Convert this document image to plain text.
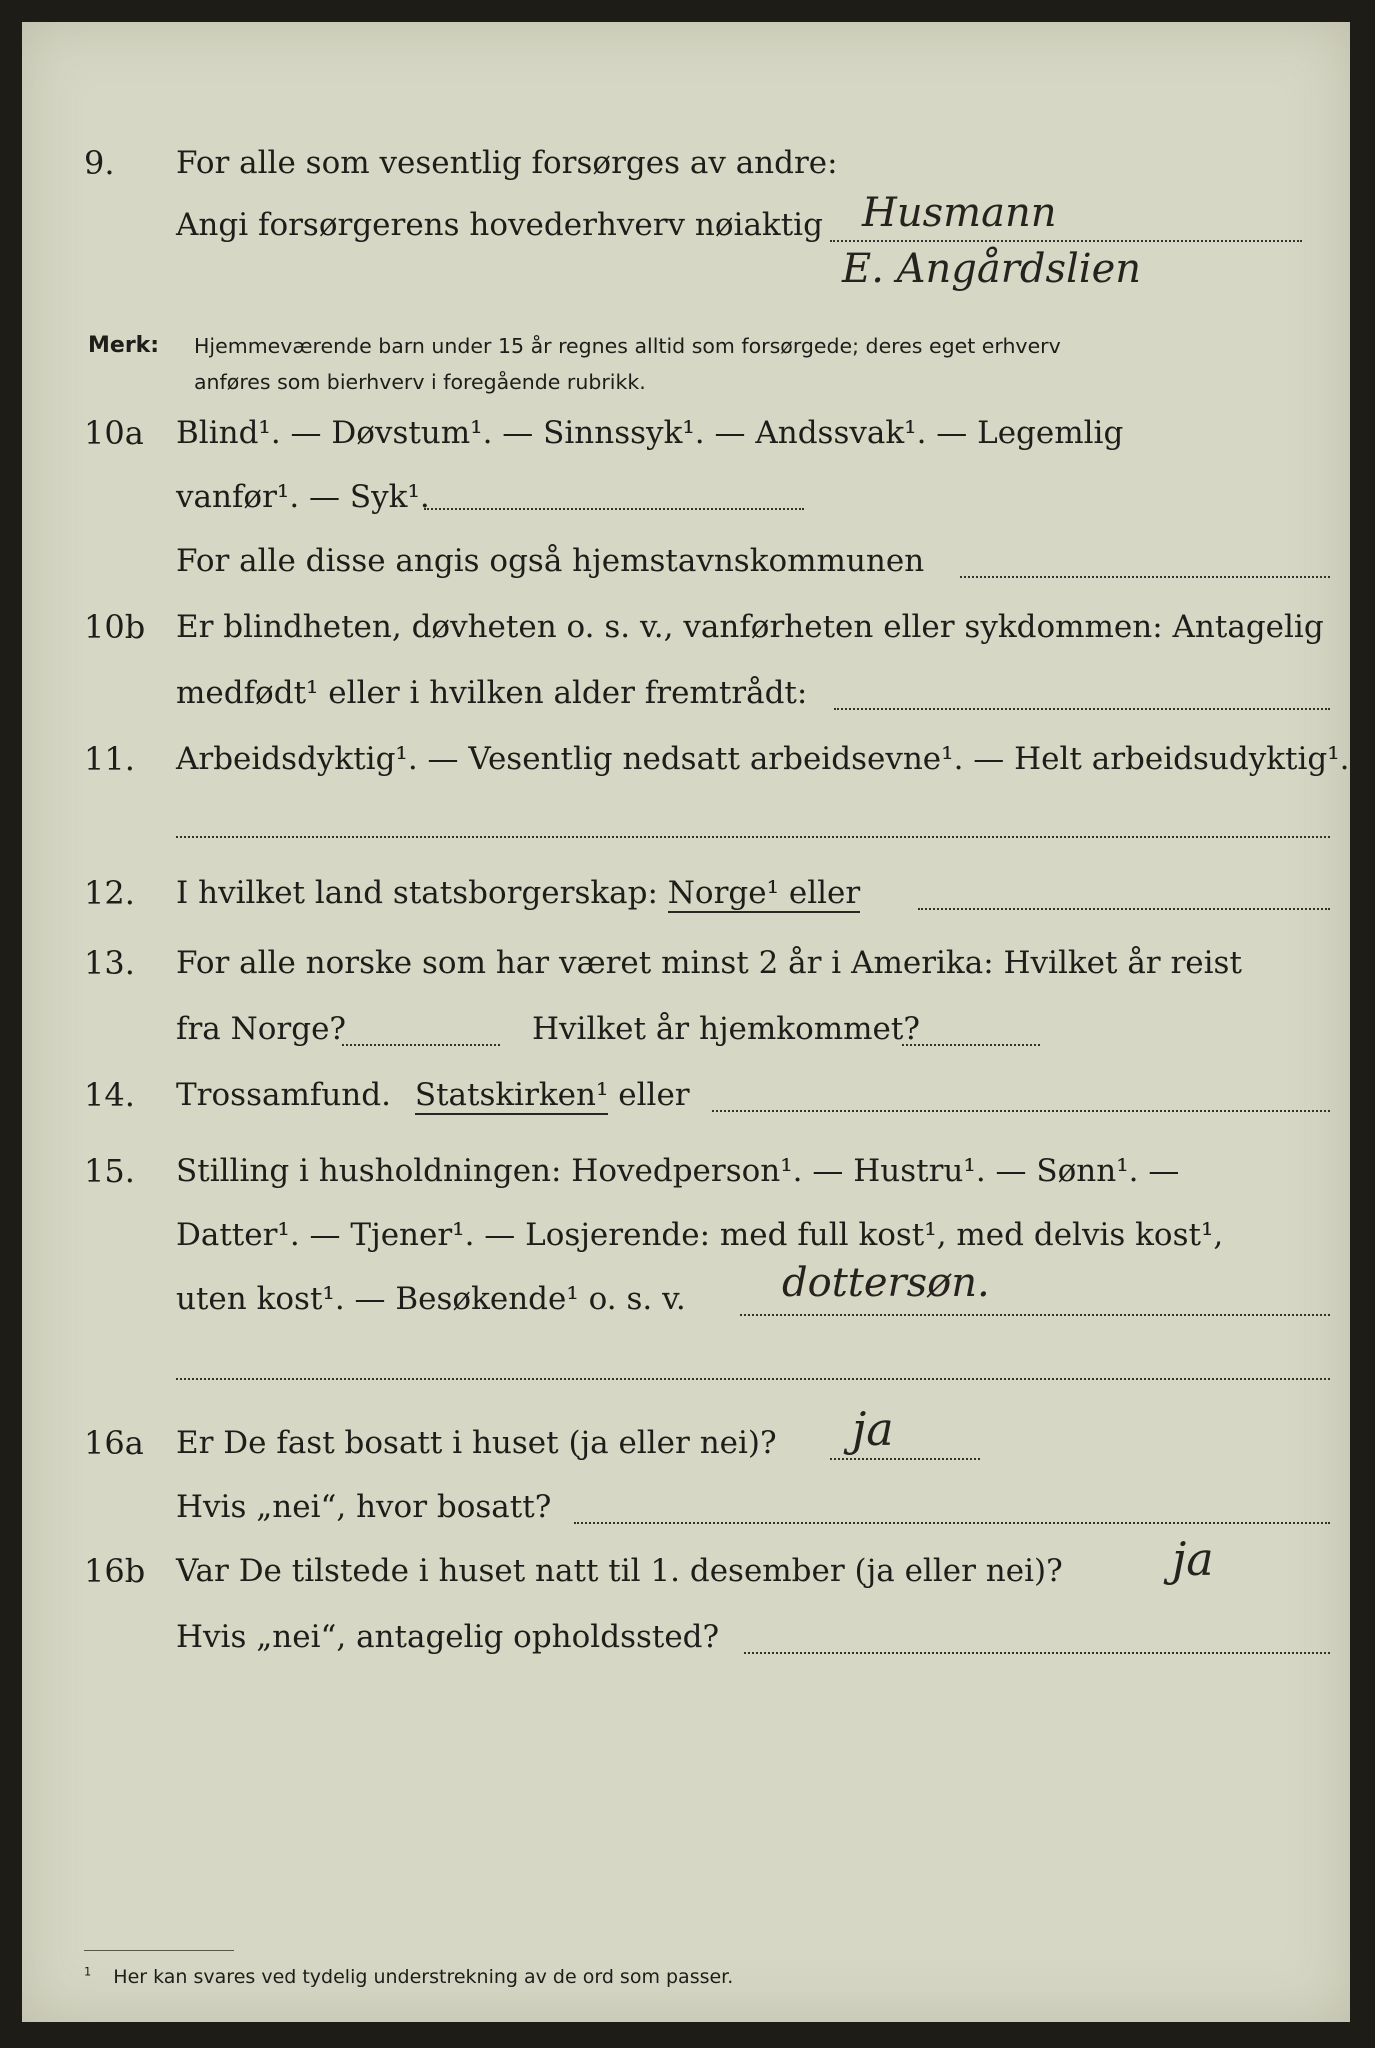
9. For alle som vesentlig forsørges av andre:
Angi forsørgerens hovederhverv nøiaktig Husmann
E. Angårdslien
Merk: Hjemmeværende barn under 15 år regnes alltid som forsørgede; deres eget erhverv
anføres som bierhverv i foregående rubrikk.
10a Blind¹. — Døvstum¹. — Sinnssyk¹. — Andssvak¹. — Legemlig
vanfør¹. — Syk¹.
For alle disse angis også hjemstavnskommunen
10b Er blindheten, døvheten o. s. v., vanførheten eller sykdommen: Antagelig
medfødt¹ eller i hvilken alder fremtrådt:
11. Arbeidsdyktig¹. — Vesentlig nedsatt arbeidsevne¹. — Helt arbeidsudyktig¹.
12. I hvilket land statsborgerskap: Norge¹ eller
13. For alle norske som har været minst 2 år i Amerika: Hvilket år reist
fra Norge?	Hvilket år hjemkommet?
14. Trossamfund. Statskirken¹ eller
15. Stilling i husholdningen: Hovedperson¹. — Hustru¹. — Sønn¹. —
Datter¹. — Tjener¹. — Losjerende: med full kost¹, med delvis kost¹,
uten kost¹. — Besøkende¹ o. s. v. dottersøn.
16a Er De fast bosatt i huset (ja eller nei)? ja
Hvis „nei“, hvor bosatt?
16b Var De tilstede i huset natt til 1. desember (ja eller nei)? ja
Hvis „nei“, antagelig opholdssted?
$^1$ Her kan svares ved tydelig understrekning av de ord som passer.
